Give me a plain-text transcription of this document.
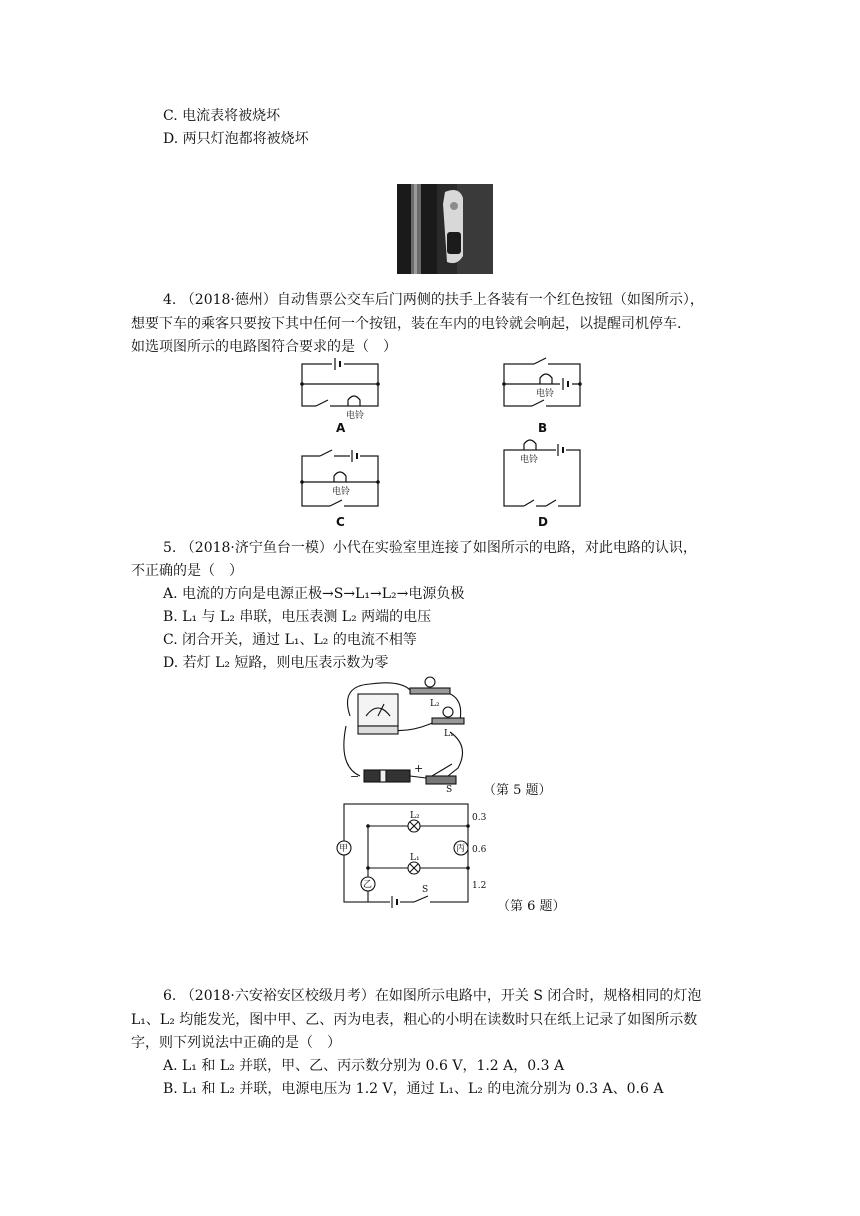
C. 电流表将被烧坏
D. 两只灯泡都将被烧坏
4. （2018·德州）自动售票公交车后门两侧的扶手上各装有一个红色按钮（如图所示），
想要下车的乘客只要按下其中任何一个按钮，装在车内的电铃就会响起，以提醒司机停车.
如选项图所示的电路图符合要求的是（　）
电铃
电铃
电铃
电铃
A	B
C	D
5. （2018·济宁鱼台一模）小代在实验室里连接了如图所示的电路，对此电路的认识，
不正确的是（　）
A. 电流的方向是电源正极→S→L₁→L₂→电源负极
B. L₁ 与 L₂ 串联，电压表测 L₂ 两端的电压
C. 闭合开关，通过 L₁、L₂ 的电流不相等
D. 若灯 L₂ 短路，则电压表示数为零
L₂
L₁
S
−
+
（第 5 题）
甲
乙
丙
L₂
L₁
S
0.3
0.6
1.2
（第 6 题）
6. （2018·六安裕安区校级月考）在如图所示电路中，开关 S 闭合时，规格相同的灯泡
L₁、L₂ 均能发光，图中甲、乙、丙为电表，粗心的小明在读数时只在纸上记录了如图所示数
字，则下列说法中正确的是（　）
A. L₁ 和 L₂ 并联，甲、乙、丙示数分别为 0.6 V，1.2 A，0.3 A
B. L₁ 和 L₂ 并联，电源电压为 1.2 V，通过 L₁、L₂ 的电流分别为 0.3 A、0.6 A
